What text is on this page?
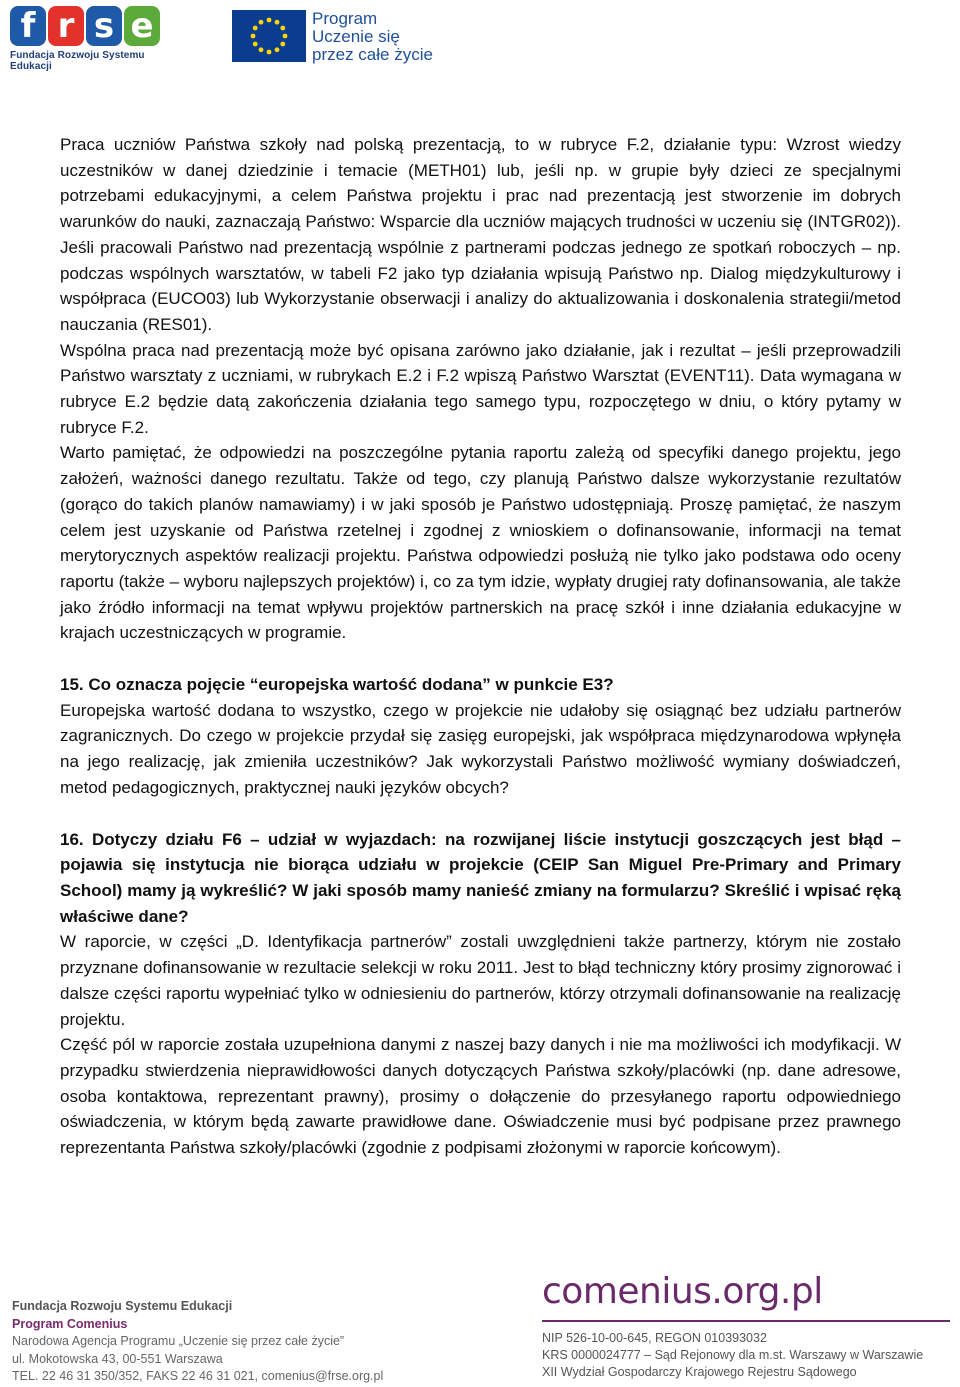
f r s e
Fundacja Rozwoju Systemu Edukacji
Program
Uczenie się
przez całe życie

Praca uczniów Państwa szkoły nad polską prezentacją, to w rubryce F.2, działanie typu: Wzrost wiedzy uczestników w danej dziedzinie i temacie (METH01) lub, jeśli np. w grupie były dzieci ze specjalnymi potrzebami edukacyjnymi, a celem Państwa projektu i prac nad prezentacją jest stworzenie im dobrych warunków do nauki, zaznaczają Państwo: Wsparcie dla uczniów mających trudności w uczeniu się (INTGR02)). Jeśli pracowali Państwo nad prezentacją wspólnie z partnerami podczas jednego ze spotkań roboczych – np. podczas wspólnych warsztatów, w tabeli F2 jako typ działania wpisują Państwo np. Dialog międzykulturowy i współpraca (EUCO03) lub Wykorzystanie obserwacji i analizy do aktualizowania i doskonalenia strategii/metod nauczania (RES01).

Wspólna praca nad prezentacją może być opisana zarówno jako działanie, jak i rezultat – jeśli przeprowadzili Państwo warsztaty z uczniami, w rubrykach E.2 i F.2 wpiszą Państwo Warsztat (EVENT11). Data wymagana w rubryce E.2 będzie datą zakończenia działania tego samego typu, rozpoczętego w dniu, o który pytamy w rubryce F.2.

Warto pamiętać, że odpowiedzi na poszczególne pytania raportu zależą od specyfiki danego projektu, jego założeń, ważności danego rezultatu. Także od tego, czy planują Państwo dalsze wykorzystanie rezultatów (gorąco do takich planów namawiamy) i w jaki sposób je Państwo udostępniają. Proszę pamiętać, że naszym celem jest uzyskanie od Państwa rzetelnej i zgodnej z wnioskiem o dofinansowanie, informacji na temat merytorycznych aspektów realizacji projektu. Państwa odpowiedzi posłużą nie tylko jako podstawa odo oceny raportu (także – wyboru najlepszych projektów) i, co za tym idzie, wypłaty drugiej raty dofinansowania, ale także jako źródło informacji na temat wpływu projektów partnerskich na pracę szkół i inne działania edukacyjne w krajach uczestniczących w programie.

15. Co oznacza pojęcie “europejska wartość dodana” w punkcie E3?

Europejska wartość dodana to wszystko, czego w projekcie nie udałoby się osiągnąć bez udziału partnerów zagranicznych. Do czego w projekcie przydał się zasięg europejski, jak współpraca międzynarodowa wpłynęła na jego realizację, jak zmieniła uczestników? Jak wykorzystali Państwo możliwość wymiany doświadczeń, metod pedagogicznych, praktycznej nauki języków obcych?

16. Dotyczy działu F6 – udział w wyjazdach: na rozwijanej liście instytucji goszczących jest błąd – pojawia się instytucja nie biorąca udziału w projekcie (CEIP San Miguel Pre-Primary and Primary School) mamy ją wykreślić? W jaki sposób mamy nanieść zmiany na formularzu? Skreślić i wpisać ręką właściwe dane?

W raporcie, w części „D. Identyfikacja partnerów” zostali uwzględnieni także partnerzy, którym nie zostało przyznane dofinansowanie w rezultacie selekcji w roku 2011. Jest to błąd techniczny który prosimy zignorować i dalsze części raportu wypełniać tylko w odniesieniu do partnerów, którzy otrzymali dofinansowanie na realizację projektu.

Część pól w raporcie została uzupełniona danymi z naszej bazy danych i nie ma możliwości ich modyfikacji. W przypadku stwierdzenia nieprawidłowości danych dotyczących Państwa szkoły/placówki (np. dane adresowe, osoba kontaktowa, reprezentant prawny), prosimy o dołączenie do przesyłanego raportu odpowiedniego oświadczenia, w którym będą zawarte prawidłowe dane. Oświadczenie musi być podpisane przez prawnego reprezentanta Państwa szkoły/placówki (zgodnie z podpisami złożonymi w raporcie końcowym).

Fundacja Rozwoju Systemu Edukacji
Program Comenius
Narodowa Agencja Programu „Uczenie się przez całe życie”
ul. Mokotowska 43, 00-551 Warszawa
TEL. 22 46 31 350/352, FAKS 22 46 31 021, comenius@frse.org.pl
comenius.org.pl
NIP 526-10-00-645, REGON 010393032
KRS 0000024777 – Sąd Rejonowy dla m.st. Warszawy w Warszawie
XII Wydział Gospodarczy Krajowego Rejestru Sądowego
